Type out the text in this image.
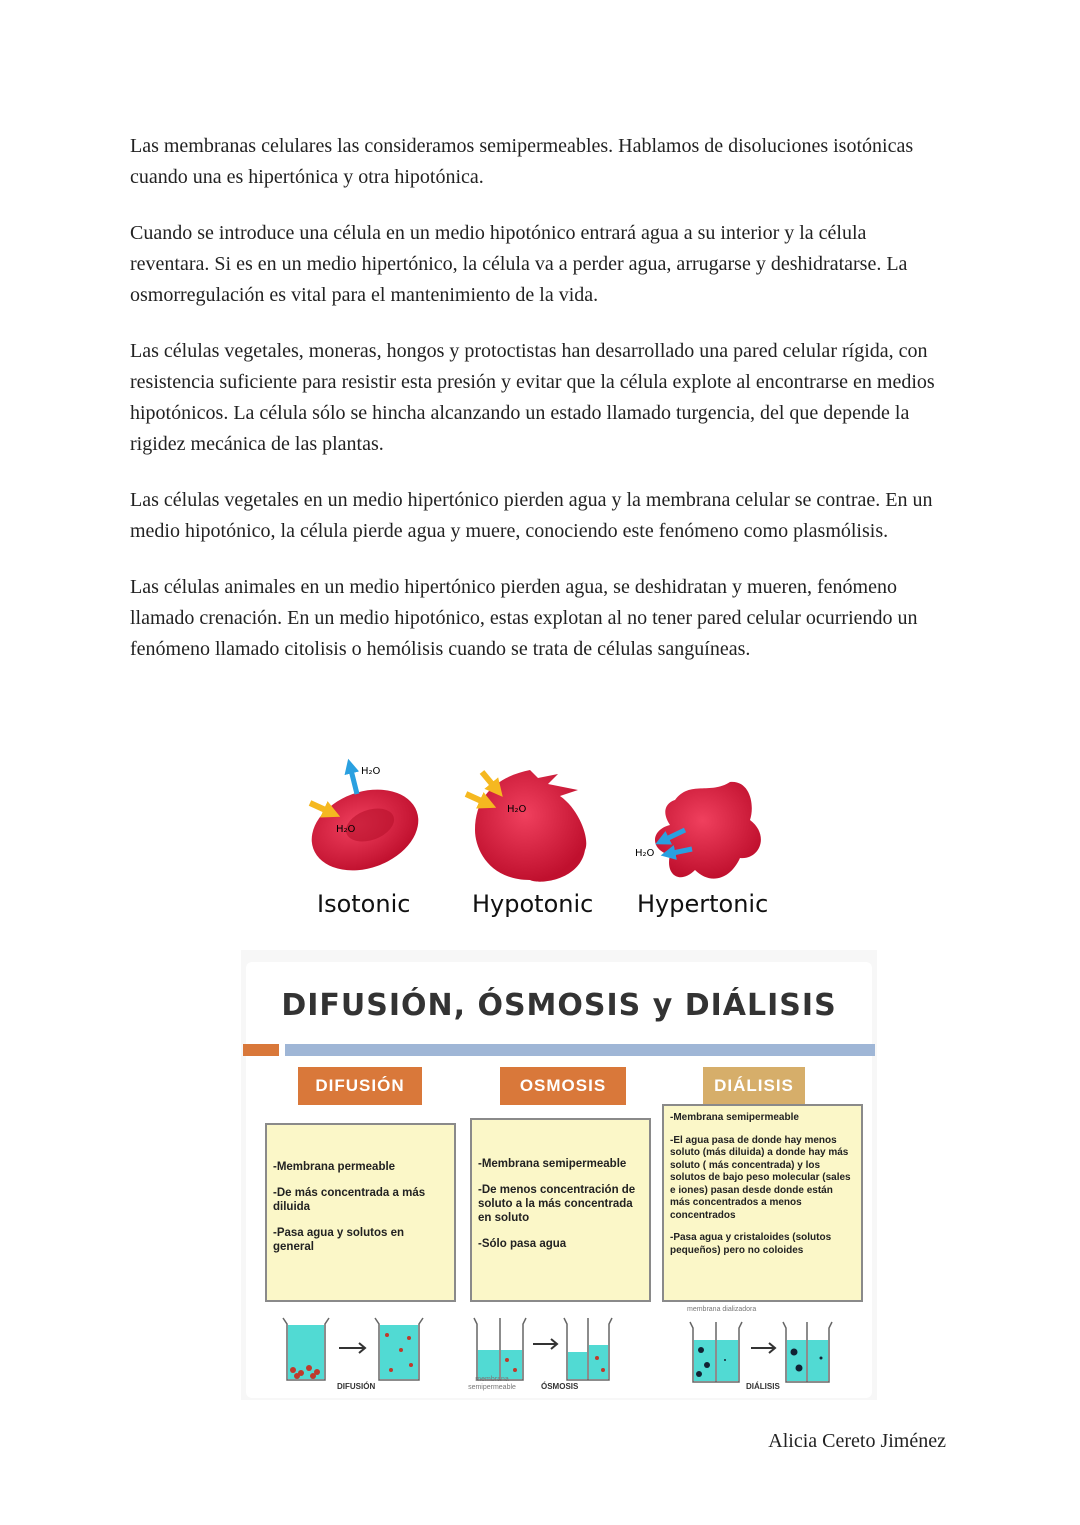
Las membranas celulares las consideramos semipermeables. Hablamos de disoluciones isotónicas cuando una es hipertónica y otra hipotónica.

Cuando se introduce una célula en un medio hipotónico entrará agua a su interior y la célula reventara. Si es en un medio hipertónico, la célula va a perder agua, arrugarse y deshidratarse. La osmorregulación es vital para el mantenimiento de la vida.

Las células vegetales, moneras, hongos y protoctistas han desarrollado una pared celular rígida, con resistencia suficiente para resistir esta presión y evitar que la célula explote al encontrarse en medios hipotónicos. La célula sólo se hincha alcanzando un estado llamado turgencia, del que depende la rigidez mecánica de las plantas.

Las células vegetales en un medio hipertónico pierden agua y la membrana celular se contrae. En un medio hipotónico, la célula pierde agua y muere, conociendo este fenómeno como plasmólisis.

Las células animales en un medio hipertónico pierden agua, se deshidratan y mueren, fenómeno llamado crenación. En un medio hipotónico, estas explotan al no tener pared celular ocurriendo un fenómeno llamado citolisis o hemólisis cuando se trata de células sanguíneas.

H₂O
H₂O
H₂O
H₂O
Isotonic	Hypotonic Hypertonic
DIFUSIÓN, ÓSMOSIS y DIÁLISIS
DIFUSIÓN	OSMOSIS	DIÁLISIS
-Membrana permeable
-De más concentrada a más diluida
-Pasa agua y solutos en general
-Membrana semipermeable
-De menos concentración de soluto a la más concentrada en soluto
-Sólo pasa agua
-Membrana semipermeable
-El agua pasa de donde hay menos soluto (más diluida) a donde hay más soluto ( más concentrada) y los solutos de bajo peso molecular (sales e iones) pasan desde donde están más concentrados a menos concentrados
-Pasa agua y cristaloides (solutos pequeños) pero no coloides
DIFUSIÓN
membrana semipermeable	ÓSMOSIS
membrana dializadora
DIÁLISIS
Alicia Cereto Jiménez
